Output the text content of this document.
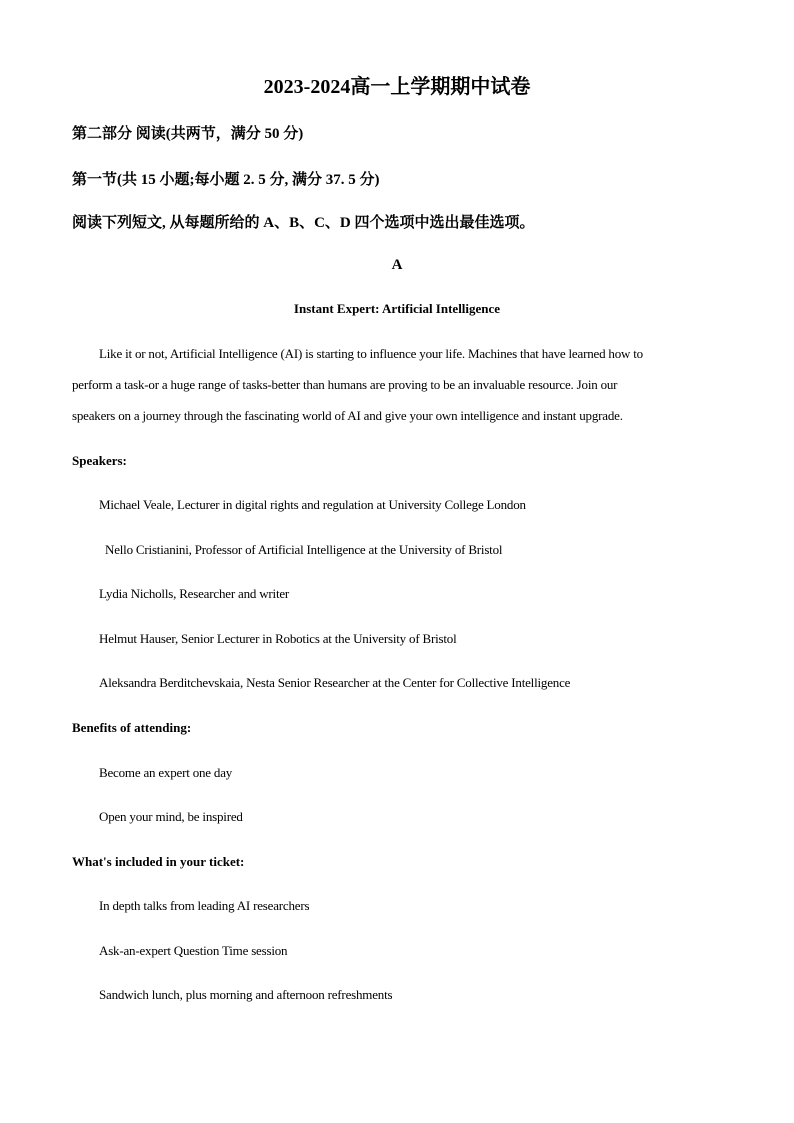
2023-2024高一上学期期中试卷
第二部分 阅读(共两节，满分 50 分)
第一节(共 15 小题;每小题 2. 5 分, 满分 37. 5 分)
阅读下列短文, 从每题所给的 A、B、C、D 四个选项中选出最佳选项。
A
Instant Expert: Artificial Intelligence
Like it or not, Artificial Intelligence (AI) is starting to influence your life. Machines that have learned how to
perform a task-or a huge range of tasks-better than humans are proving to be an invaluable resource. Join our
speakers on a journey through the fascinating world of AI and give your own intelligence and instant upgrade.
Speakers:
Michael Veale, Lecturer in digital rights and regulation at University College London
Nello Cristianini, Professor of Artificial Intelligence at the University of Bristol
Lydia Nicholls, Researcher and writer
Helmut Hauser, Senior Lecturer in Robotics at the University of Bristol
Aleksandra Berditchevskaia, Nesta Senior Researcher at the Center for Collective Intelligence
Benefits of attending:
Become an expert one day
Open your mind, be inspired
What's included in your ticket:
In depth talks from leading AI researchers
Ask-an-expert Question Time session
Sandwich lunch, plus morning and afternoon refreshments
